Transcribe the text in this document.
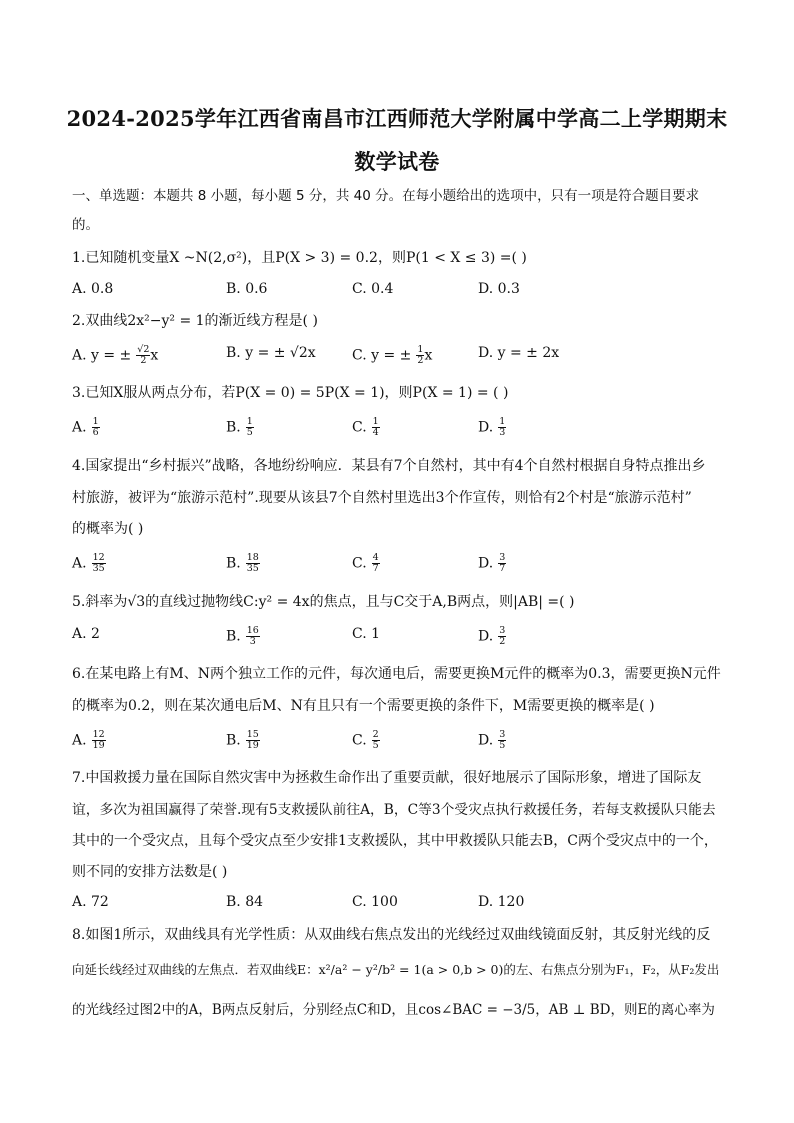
2024-2025学年江西省南昌市江西师范大学附属中学高二上学期期末
数学试卷
一、单选题：本题共 8 小题，每小题 5 分，共 40 分。在每小题给出的选项中，只有一项是符合题目要求
的。
1.已知随机变量X ~N(2,σ²)，且P(X > 3) = 0.2，则P(1 < X ≤ 3) =( )
A. 0.8	B. 0.6	C. 0.4	D. 0.3
2.双曲线2x²−y² = 1的渐近线方程是( )
A. y = ± $\frac{√2}{2}$ x	B. y = ± √2x	C. y = ± $\frac{1}{2}$ x	D. y = ± 2x
3.已知X服从两点分布，若P(X = 0) = 5P(X = 1)，则P(X = 1) = ( )
A. $\frac{1}{6}$	B. $\frac{1}{5}$	C. $\frac{1}{4}$	D. $\frac{1}{3}$
4.国家提出“乡村振兴”战略，各地纷纷响应．某县有7个自然村，其中有4个自然村根据自身特点推出乡
村旅游，被评为“旅游示范村”.现要从该县7个自然村里选出3个作宣传，则恰有2个村是“旅游示范村”
的概率为( )
A. $\frac{12}{35}$	B. $\frac{18}{35}$	C. $\frac{4}{7}$	D. $\frac{3}{7}$
5.斜率为√3的直线过抛物线C:y² = 4x的焦点，且与C交于A,B两点，则|AB| =( )
A. 2	B. $\frac{16}{3}$	C. 1	D. $\frac{3}{2}$
6.在某电路上有M、N两个独立工作的元件，每次通电后，需要更换M元件的概率为0.3，需要更换N元件
的概率为0.2，则在某次通电后M、N有且只有一个需要更换的条件下，M需要更换的概率是( )
A. $\frac{12}{19}$	B. $\frac{15}{19}$	C. $\frac{2}{5}$	D. $\frac{3}{5}$
7.中国救援力量在国际自然灾害中为拯救生命作出了重要贡献，很好地展示了国际形象，增进了国际友
谊，多次为祖国赢得了荣誉.现有5支救援队前往A，B，C等3个受灾点执行救援任务，若每支救援队只能去
其中的一个受灾点，且每个受灾点至少安排1支救援队，其中甲救援队只能去B，C两个受灾点中的一个，
则不同的安排方法数是( )
A. 72	B. 84	C. 100	D. 120
8.如图1所示，双曲线具有光学性质：从双曲线右焦点发出的光线经过双曲线镜面反射，其反射光线的反
向延长线经过双曲线的左焦点．若双曲线E：x²/a² − y²/b² = 1(a > 0,b > 0)的左、右焦点分别为F₁，F₂，从F₂发出
的光线经过图2中的A，B两点反射后，分别经点C和D，且cos∠BAC = −3/5，AB ⊥ BD，则E的离心率为
